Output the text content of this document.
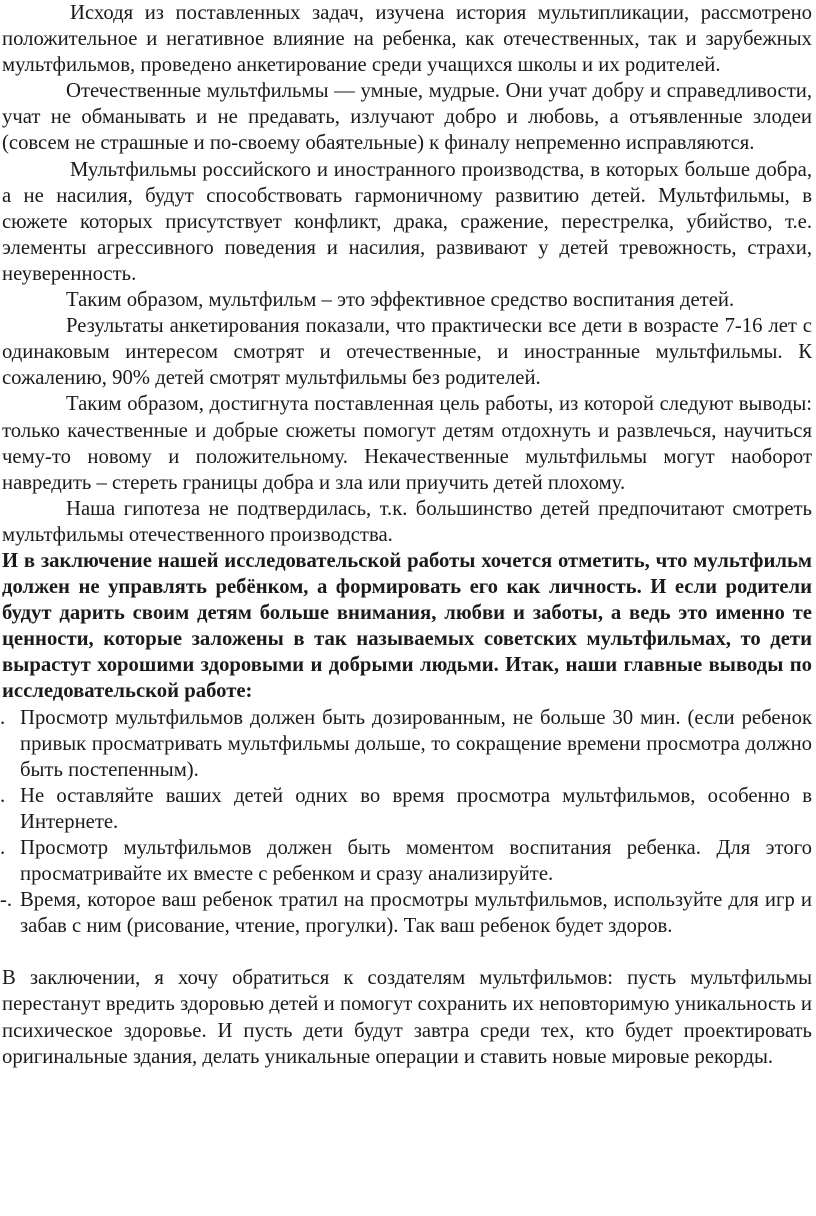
Исходя из поставленных задач, изучена история мультипликации, рассмотрено положительное и негативное влияние на ребенка, как отечественных, так и зарубежных мультфильмов, проведено анкетирование среди учащихся школы и их родителей.

Отечественные мультфильмы — умные, мудрые. Они учат добру и справедливости, учат не обманывать и не предавать, излучают добро и любовь, а отъявленные злодеи (совсем не страшные и по-своему обаятельные) к финалу непременно исправляются.

Мультфильмы российского и иностранного производства, в которых больше добра, а не насилия, будут способствовать гармоничному развитию детей. Мультфильмы, в сюжете которых присутствует конфликт, драка, сражение, перестрелка, убийство, т.е. элементы агрессивного поведения и насилия, развивают у детей тревожность, страхи, неуверенность.

Таким образом, мультфильм – это эффективное средство воспитания детей.

Результаты анкетирования показали, что практически все дети в возрасте 7-16 лет с одинаковым интересом смотрят и отечественные, и иностранные мультфильмы. К сожалению, 90% детей смотрят мультфильмы без родителей.

Таким образом, достигнута поставленная цель работы, из которой следуют выводы: только качественные и добрые сюжеты помогут детям отдохнуть и развлечься, научиться чему-то новому и положительному. Некачественные мультфильмы могут наоборот навредить – стереть границы добра и зла или приучить детей плохому.

Наша гипотеза не подтвердилась, т.к. большинство детей предпочитают смотреть мультфильмы отечественного производства.

И в заключение нашей исследовательской работы хочется отметить, что мультфильм должен не управлять ребёнком, а формировать его как личность. И если родители будут дарить своим детям больше внимания, любви и заботы, а ведь это именно те ценности, которые заложены в так называемых советских мультфильмах, то дети вырастут хорошими здоровыми и добрыми людьми. Итак, наши главные выводы по исследовательской работе:

. Просмотр мультфильмов должен быть дозированным, не больше 30 мин. (если ребенок привык просматривать мультфильмы дольше, то сокращение времени просмотра должно быть постепенным).
. Не оставляйте ваших детей одних во время просмотра мультфильмов, особенно в Интернете.
. Просмотр мультфильмов должен быть моментом воспитания ребенка. Для этого просматривайте их вместе с ребенком и сразу анализируйте.
-. Время, которое ваш ребенок тратил на просмотры мультфильмов, используйте для игр и забав с ним (рисование, чтение, прогулки). Так ваш ребенок будет здоров.

В заключении, я хочу обратиться к создателям мультфильмов: пусть мультфильмы перестанут вредить здоровью детей и помогут сохранить их неповторимую уникальность и психическое здоровье. И пусть дети будут завтра среди тех, кто будет проектировать оригинальные здания, делать уникальные операции и ставить новые мировые рекорды.
